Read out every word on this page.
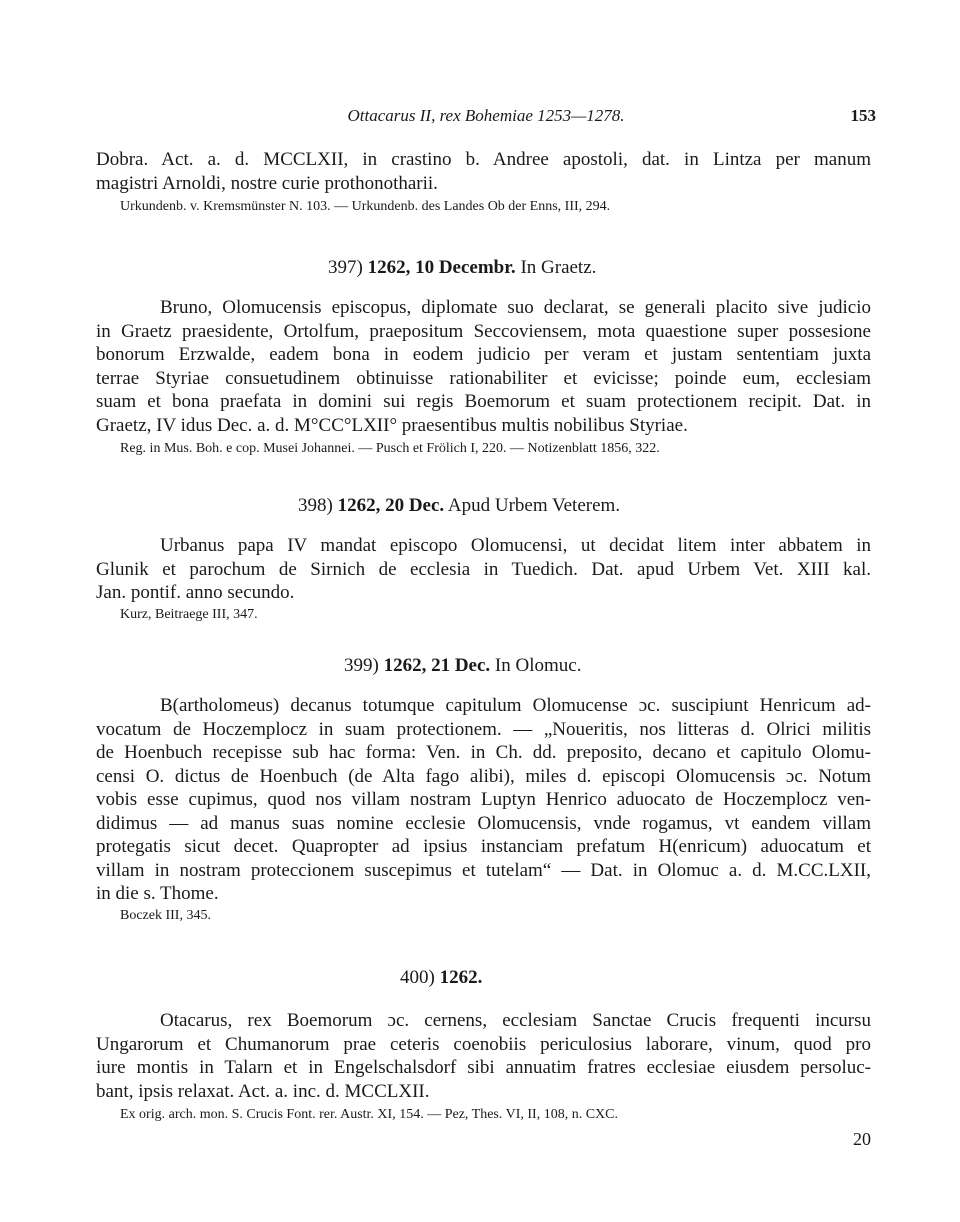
Ottacarus II, rex Bohemiae 1253—1278.	153
Dobra. Act. a. d. MCCLXII, in crastino b. Andree apostoli, dat. in Lintza per manum
magistri Arnoldi, nostre curie prothonotharii.
Urkundenb. v. Kremsmünster N. 103. — Urkundenb. des Landes Ob der Enns, III, 294.
397) 1262, 10 Decembr. In Graetz.
Bruno, Olomucensis episcopus, diplomate suo declarat, se generali placito sive judicio
in Graetz praesidente, Ortolfum, praepositum Seccoviensem, mota quaestione super possesione
bonorum Erzwalde, eadem bona in eodem judicio per veram et justam sententiam juxta
terrae Styriae consuetudinem obtinuisse rationabiliter et evicisse; poinde eum, ecclesiam
suam et bona praefata in domini sui regis Boemorum et suam protectionem recipit. Dat. in
Graetz, IV idus Dec. a. d. M°CC°LXII° praesentibus multis nobilibus Styriae.
Reg. in Mus. Boh. e cop. Musei Johannei. — Pusch et Frölich I, 220. — Notizenblatt 1856, 322.
398) 1262, 20 Dec. Apud Urbem Veterem.
Urbanus papa IV mandat episcopo Olomucensi, ut decidat litem inter abbatem in
Glunik et parochum de Sirnich de ecclesia in Tuedich. Dat. apud Urbem Vet. XIII kal.
Jan. pontif. anno secundo.
Kurz, Beitraege III, 347.
399) 1262, 21 Dec. In Olomuc.
B(artholomeus) decanus totumque capitulum Olomucense ɔc. suscipiunt Henricum ad-
vocatum de Hoczemplocz in suam protectionem. — „Noueritis, nos litteras d. Olrici militis
de Hoenbuch recepisse sub hac forma: Ven. in Ch. dd. preposito, decano et capitulo Olomu-
censi O. dictus de Hoenbuch (de Alta fago alibi), miles d. episcopi Olomucensis ɔc. Notum
vobis esse cupimus, quod nos villam nostram Luptyn Henrico aduocato de Hoczemplocz ven-
didimus — ad manus suas nomine ecclesie Olomucensis, vnde rogamus, vt eandem villam
protegatis sicut decet. Quapropter ad ipsius instanciam prefatum H(enricum) aduocatum et
villam in nostram proteccionem suscepimus et tutelam“ — Dat. in Olomuc a. d. M.CC.LXII,
in die s. Thome.
Boczek III, 345.
400) 1262.
Otacarus, rex Boemorum ɔc. cernens, ecclesiam Sanctae Crucis frequenti incursu
Ungarorum et Chumanorum prae ceteris coenobiis periculosius laborare, vinum, quod pro
iure montis in Talarn et in Engelschalsdorf sibi annuatim fratres ecclesiae eiusdem persoluc-
bant, ipsis relaxat. Act. a. inc. d. MCCLXII.
Ex orig. arch. mon. S. Crucis Font. rer. Austr. XI, 154. — Pez, Thes. VI, II, 108, n. CXC.
20
